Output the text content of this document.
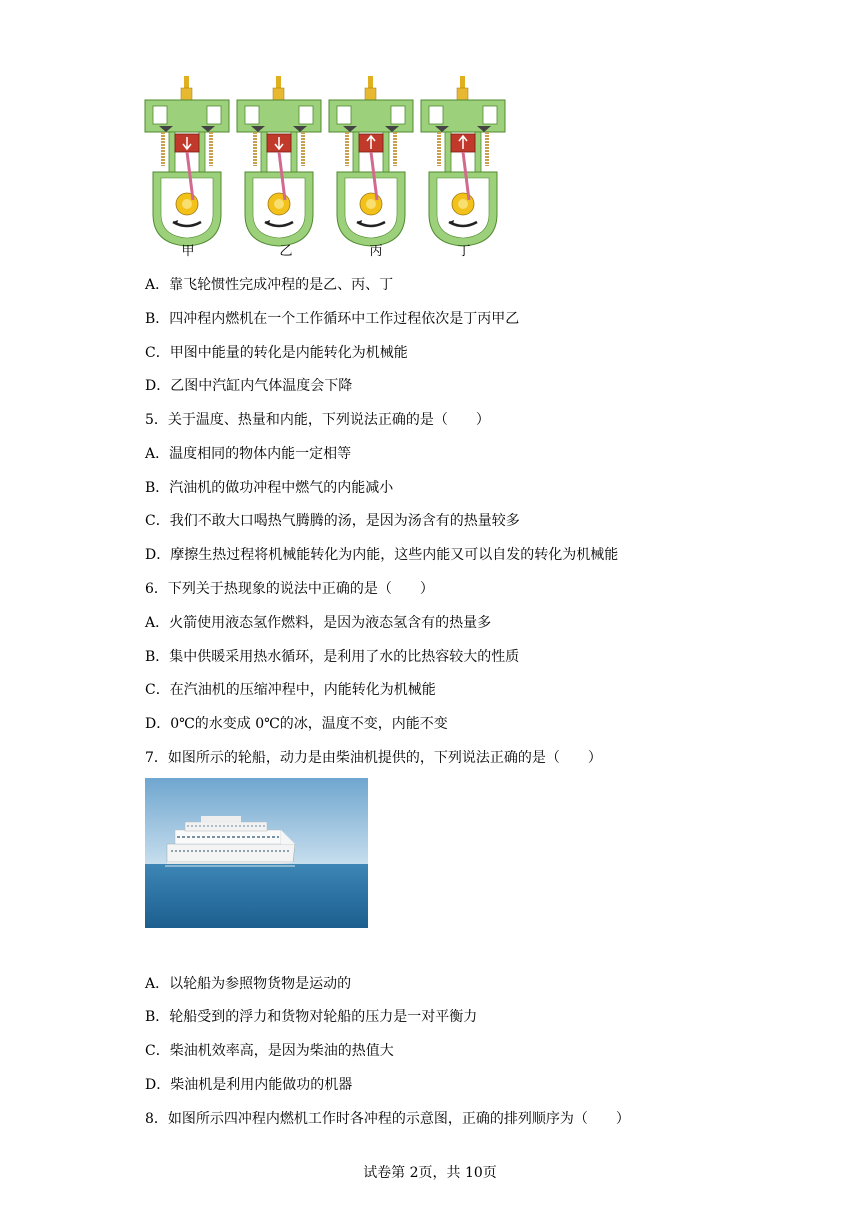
甲	乙	丙	丁
A．靠飞轮惯性完成冲程的是乙、丙、丁
B．四冲程内燃机在一个工作循环中工作过程依次是丁丙甲乙
C．甲图中能量的转化是内能转化为机械能
D．乙图中汽缸内气体温度会下降
5．关于温度、热量和内能，下列说法正确的是（　　）
A．温度相同的物体内能一定相等
B．汽油机的做功冲程中燃气的内能减小
C．我们不敢大口喝热气腾腾的汤，是因为汤含有的热量较多
D．摩擦生热过程将机械能转化为内能，这些内能又可以自发的转化为机械能
6．下列关于热现象的说法中正确的是（　　）
A．火箭使用液态氢作燃料，是因为液态氢含有的热量多
B．集中供暖采用热水循环，是利用了水的比热容较大的性质
C．在汽油机的压缩冲程中，内能转化为机械能
D．0℃的水变成 0℃的冰，温度不变，内能不变
7．如图所示的轮船，动力是由柴油机提供的，下列说法正确的是（　　）
A．以轮船为参照物货物是运动的
B．轮船受到的浮力和货物对轮船的压力是一对平衡力
C．柴油机效率高，是因为柴油的热值大
D．柴油机是利用内能做功的机器
8．如图所示四冲程内燃机工作时各冲程的示意图，正确的排列顺序为（　　）
试卷第 2页，共 10页
